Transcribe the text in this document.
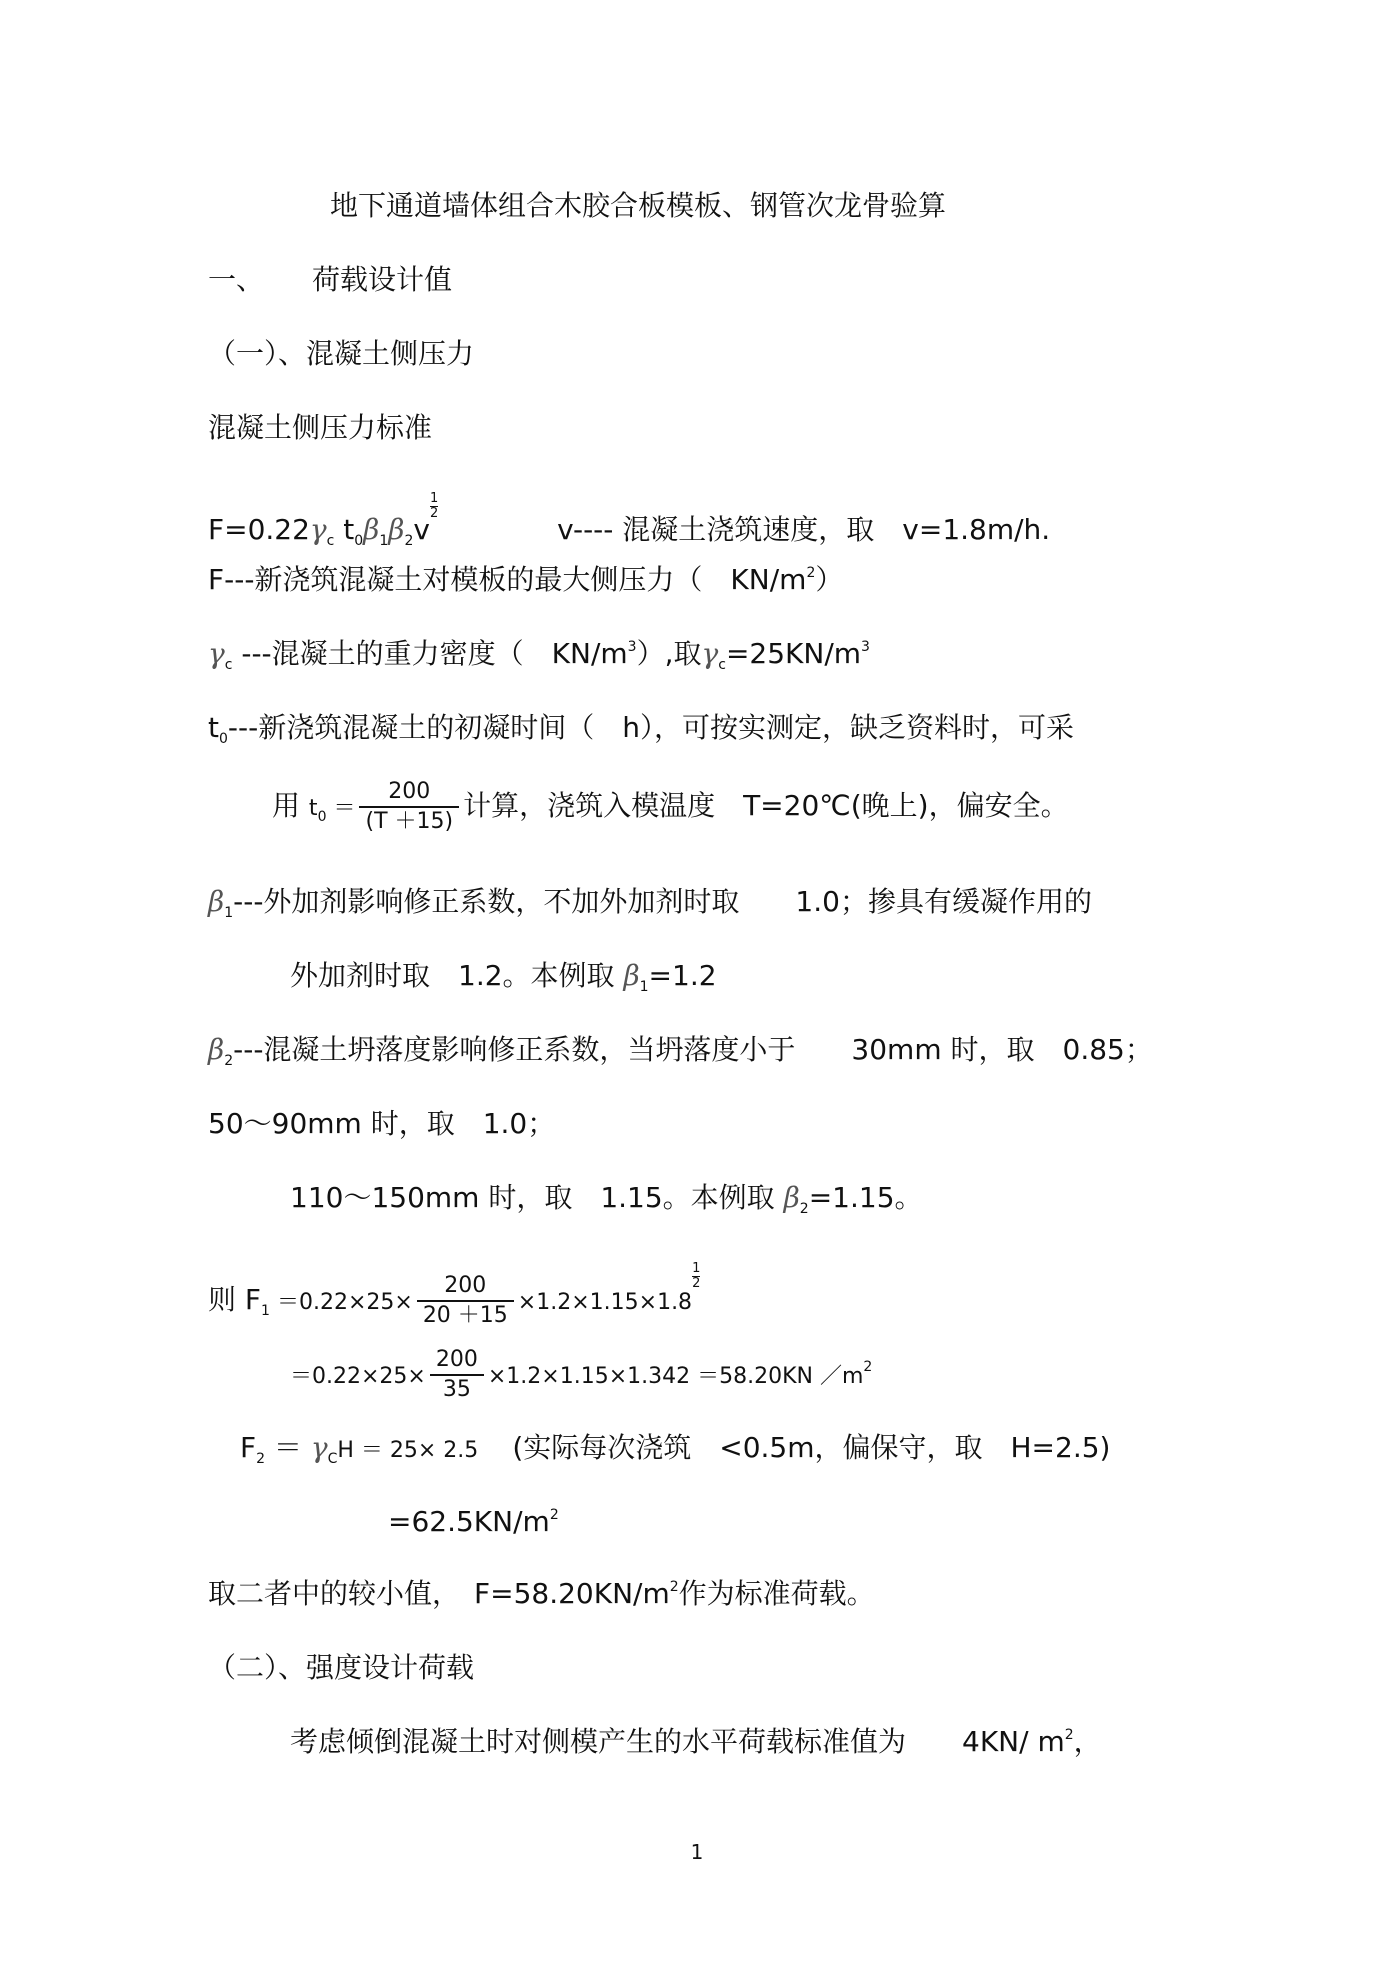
地下通道墙体组合木胶合板模板、钢管次龙骨验算
一、 荷载设计值
（一）、混凝土侧压力
混凝土侧压力标准
$F=0.22\gamma_c$ $t_0\beta_1\beta_2v$
$\frac{1}{2}$
v---- 混凝土浇筑速度，取　v=1.8m/h.
F---新浇筑混凝土对模板的最大侧压力（　$KN/m^2$）
$\gamma_c$ ---混凝土的重力密度（　$KN/m^3$）,取$\gamma_c=25KN/m^3$
$t_0---$新浇筑混凝土的初凝时间（　h），可按实测定，缺乏资料时，可采
用 $t_0 = \frac{200}{(T +15)}$ 计算，浇筑入模温度　T=20℃(晚上)，偏安全。
$\beta_1---$外加剂影响修正系数，不加外加剂时取　　1.0；掺具有缓凝作用的
外加剂时取　1.2。本例取 $\beta_1=1.2$
$\beta_2---$混凝土坍落度影响修正系数，当坍落度小于　　30mm 时，取　0.85；
50～90mm 时，取　1.0；
110～150mm 时，取　1.15。本例取 $\beta_2=1.15$。
则 $F_1 =0.22\times 25\times \frac{200}{20 +15} \times 1.2\times 1.15\times 1.8$
$\frac{1}{2}$
$=0.22\times 25\times \frac{200}{35} \times 1.2\times 1.15\times 1.342 =58.20KN$ $/m^2$
$F_2 = \gamma_CH = 25\times 2.5$ (实际每次浇筑　<0.5m，偏保守，取　H=2.5)
$=62.5KN/m^2$
取二者中的较小值，　$F=58.20KN/m^2$作为标准荷载。
（二）、强度设计荷载
考虑倾倒混凝土时对侧模产生的水平荷载标准值为　　4KN/ $m^2$，
1
